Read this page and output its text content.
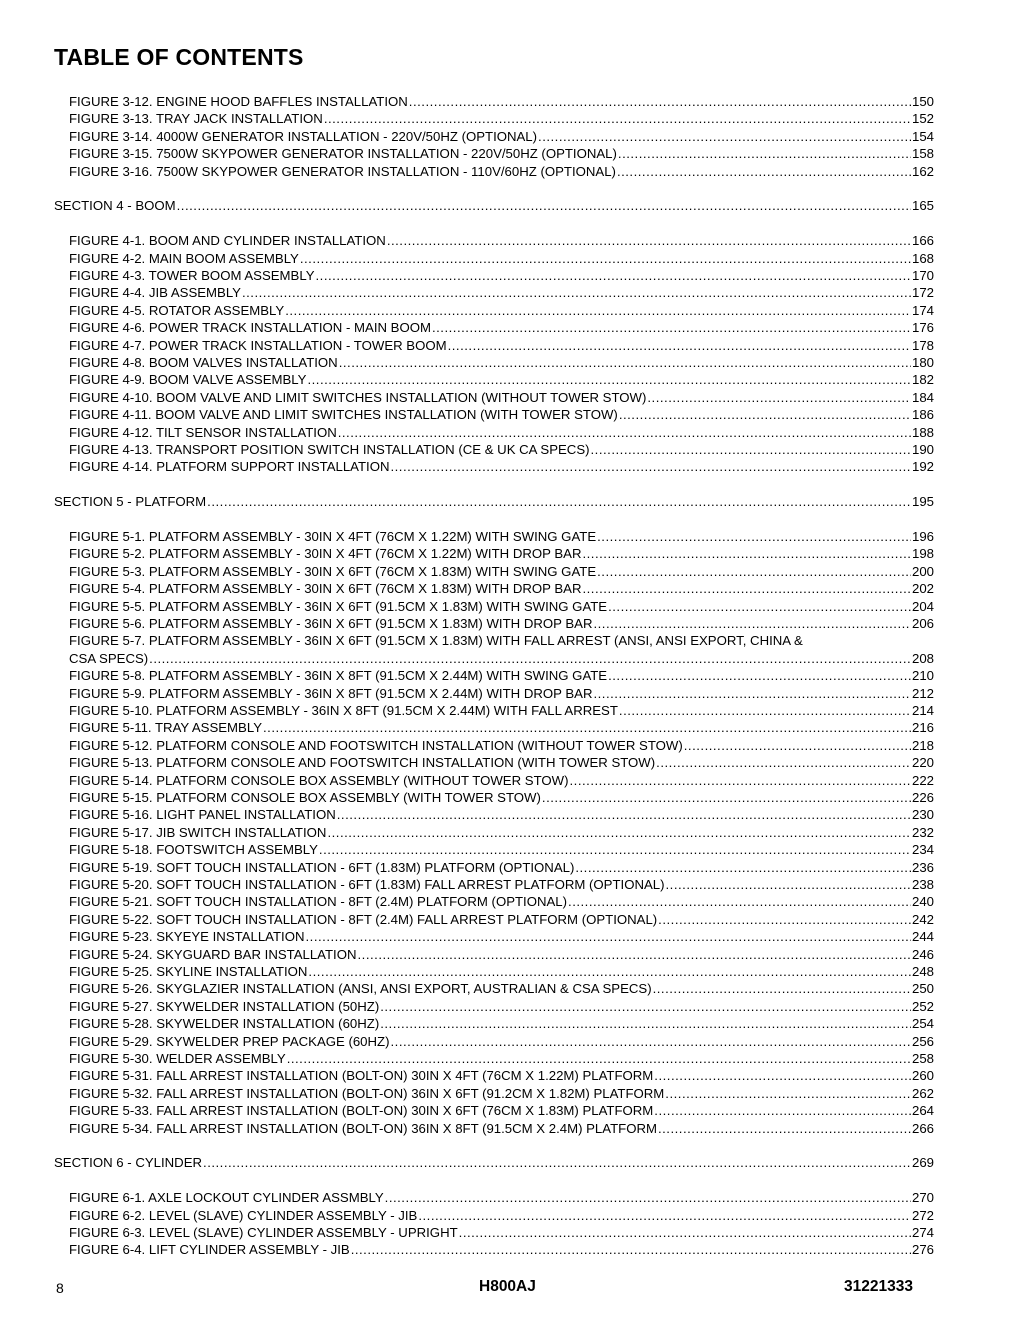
TABLE OF CONTENTS
FIGURE 3-12. ENGINE HOOD BAFFLES INSTALLATION .....	150
FIGURE 3-13. TRAY JACK INSTALLATION .....	152
FIGURE 3-14. 4000W GENERATOR INSTALLATION - 220V/50HZ (OPTIONAL) .....	154
FIGURE 3-15. 7500W SKYPOWER GENERATOR INSTALLATION - 220V/50HZ (OPTIONAL) .....	158
FIGURE 3-16. 7500W SKYPOWER GENERATOR INSTALLATION - 110V/60HZ (OPTIONAL) .....	162
SECTION 4 - BOOM .....	165
FIGURE 4-1. BOOM AND CYLINDER INSTALLATION .....	166
FIGURE 4-2. MAIN BOOM ASSEMBLY .....	168
FIGURE 4-3. TOWER BOOM ASSEMBLY .....	170
FIGURE 4-4. JIB ASSEMBLY .....	172
FIGURE 4-5. ROTATOR ASSEMBLY .....	174
FIGURE 4-6. POWER TRACK INSTALLATION - MAIN BOOM .....	176
FIGURE 4-7. POWER TRACK INSTALLATION - TOWER BOOM .....	178
FIGURE 4-8. BOOM VALVES INSTALLATION .....	180
FIGURE 4-9. BOOM VALVE ASSEMBLY .....	182
FIGURE 4-10. BOOM VALVE AND LIMIT SWITCHES INSTALLATION (WITHOUT TOWER STOW) .....	184
FIGURE 4-11. BOOM VALVE AND LIMIT SWITCHES INSTALLATION (WITH TOWER STOW) .....	186
FIGURE 4-12. TILT SENSOR INSTALLATION .....	188
FIGURE 4-13. TRANSPORT POSITION SWITCH INSTALLATION (CE & UK CA SPECS) .....	190
FIGURE 4-14. PLATFORM SUPPORT INSTALLATION .....	192
SECTION 5 - PLATFORM .....	195
FIGURE 5-1. PLATFORM ASSEMBLY - 30IN X 4FT (76CM X 1.22M) WITH SWING GATE .....	196
FIGURE 5-2. PLATFORM ASSEMBLY - 30IN X 4FT (76CM X 1.22M) WITH DROP BAR .....	198
FIGURE 5-3. PLATFORM ASSEMBLY - 30IN X 6FT (76CM X 1.83M) WITH SWING GATE .....	200
FIGURE 5-4. PLATFORM ASSEMBLY - 30IN X 6FT (76CM X 1.83M) WITH DROP BAR .....	202
FIGURE 5-5. PLATFORM ASSEMBLY - 36IN X 6FT (91.5CM X 1.83M) WITH SWING GATE .....	204
FIGURE 5-6. PLATFORM ASSEMBLY - 36IN X 6FT (91.5CM X 1.83M) WITH DROP BAR .....	206
FIGURE 5-7. PLATFORM ASSEMBLY - 36IN X 6FT (91.5CM X 1.83M) WITH FALL ARREST (ANSI, ANSI EXPORT, CHINA &
CSA SPECS) .....	208
FIGURE 5-8. PLATFORM ASSEMBLY - 36IN X 8FT (91.5CM X 2.44M) WITH SWING GATE .....	210
FIGURE 5-9. PLATFORM ASSEMBLY - 36IN X 8FT (91.5CM X 2.44M) WITH DROP BAR .....	212
FIGURE 5-10. PLATFORM ASSEMBLY - 36IN X 8FT (91.5CM X 2.44M) WITH FALL ARREST .....	214
FIGURE 5-11. TRAY ASSEMBLY .....	216
FIGURE 5-12. PLATFORM CONSOLE AND FOOTSWITCH INSTALLATION (WITHOUT TOWER STOW) .....	218
FIGURE 5-13. PLATFORM CONSOLE AND FOOTSWITCH INSTALLATION (WITH TOWER STOW) .....	220
FIGURE 5-14. PLATFORM CONSOLE BOX ASSEMBLY (WITHOUT TOWER STOW) .....	222
FIGURE 5-15. PLATFORM CONSOLE BOX ASSEMBLY (WITH TOWER STOW) .....	226
FIGURE 5-16. LIGHT PANEL INSTALLATION .....	230
FIGURE 5-17. JIB SWITCH INSTALLATION .....	232
FIGURE 5-18. FOOTSWITCH ASSEMBLY .....	234
FIGURE 5-19. SOFT TOUCH INSTALLATION - 6FT (1.83M) PLATFORM (OPTIONAL) .....	236
FIGURE 5-20. SOFT TOUCH INSTALLATION - 6FT (1.83M) FALL ARREST PLATFORM (OPTIONAL) .....	238
FIGURE 5-21. SOFT TOUCH INSTALLATION - 8FT (2.4M) PLATFORM (OPTIONAL) .....	240
FIGURE 5-22. SOFT TOUCH INSTALLATION - 8FT (2.4M) FALL ARREST PLATFORM (OPTIONAL) .....	242
FIGURE 5-23. SKYEYE INSTALLATION .....	244
FIGURE 5-24. SKYGUARD BAR INSTALLATION .....	246
FIGURE 5-25. SKYLINE INSTALLATION .....	248
FIGURE 5-26. SKYGLAZIER INSTALLATION (ANSI, ANSI EXPORT, AUSTRALIAN & CSA SPECS) .....	250
FIGURE 5-27. SKYWELDER INSTALLATION (50HZ) .....	252
FIGURE 5-28. SKYWELDER INSTALLATION (60HZ) .....	254
FIGURE 5-29. SKYWELDER PREP PACKAGE (60HZ) .....	256
FIGURE 5-30. WELDER ASSEMBLY .....	258
FIGURE 5-31. FALL ARREST INSTALLATION (BOLT-ON) 30IN X 4FT (76CM X 1.22M) PLATFORM .....	260
FIGURE 5-32. FALL ARREST INSTALLATION (BOLT-ON) 36IN X 6FT (91.2CM X 1.82M) PLATFORM .....	262
FIGURE 5-33. FALL ARREST INSTALLATION (BOLT-ON) 30IN X 6FT (76CM X 1.83M) PLATFORM .....	264
FIGURE 5-34. FALL ARREST INSTALLATION (BOLT-ON) 36IN X 8FT (91.5CM X 2.4M) PLATFORM .....	266
SECTION 6 - CYLINDER .....	269
FIGURE 6-1. AXLE LOCKOUT CYLINDER ASSMBLY .....	270
FIGURE 6-2. LEVEL (SLAVE) CYLINDER ASSEMBLY - JIB .....	272
FIGURE 6-3. LEVEL (SLAVE) CYLINDER ASSEMBLY - UPRIGHT .....	274
FIGURE 6-4. LIFT CYLINDER ASSEMBLY - JIB .....	276
8	H800AJ	31221333
